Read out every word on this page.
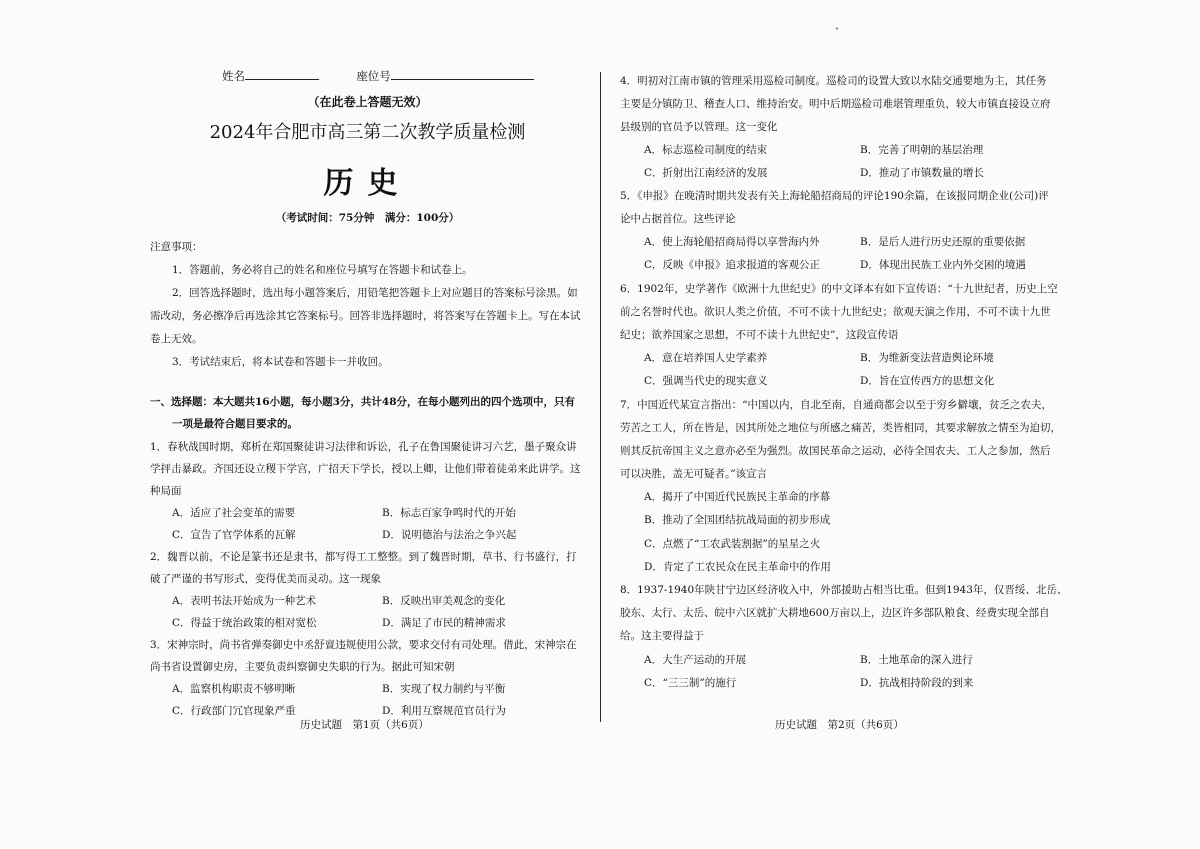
ᐩ
姓名	座位号
（在此卷上答题无效）
2024年合肥市高三第二次教学质量检测
历史
（考试时间：75分钟　满分：100分）
注意事项：
1．答题前，务必将自己的姓名和座位号填写在答题卡和试卷上。
2．回答选择题时，选出每小题答案后，用铅笔把答题卡上对应题目的答案标号涂黑。如
需改动，务必擦净后再选涂其它答案标号。回答非选择题时，将答案写在答题卡上。写在本试
卷上无效。
3．考试结束后，将本试卷和答题卡一并收回。
一、选择题：本大题共16小题，每小题3分，共计48分，在每小题列出的四个选项中，只有
一项是最符合题目要求的。
1．春秋战国时期，郑析在郑国聚徒讲习法律和诉讼，孔子在鲁国聚徒讲习六艺，墨子聚众讲
学抨击暴政。齐国还设立稷下学宫，广招天下学长，授以上卿，让他们带着徒弟来此讲学。这
种局面
A．适应了社会变革的需要	B．标志百家争鸣时代的开始
C．宣告了官学体系的瓦解	D．说明德治与法治之争兴起
2．魏晋以前，不论是篆书还是隶书，都写得工工整整。到了魏晋时期，草书、行书盛行，打
破了严谨的书写形式，变得优美而灵动。这一现象
A．表明书法开始成为一种艺术	B．反映出审美观念的变化
C．得益于统治政策的相对宽松	D．满足了市民的精神需求
3．宋神宗时，尚书省弹奏御史中丞舒亶违规使用公款，要求交付有司处理。借此，宋神宗在
尚书省设置御史房，主要负责纠察御史失职的行为。据此可知宋朝
A．监察机构职责不够明晰	B．实现了权力制约与平衡
C．行政部门冗官现象严重	D．利用互察规范官员行为
历史试题　第1页（共6页）
4．明初对江南市镇的管理采用巡检司制度。巡检司的设置大致以水陆交通要地为主，其任务
主要是分镇防卫、稽查人口、维持治安。明中后期巡检司难堪管理重负，较大市镇直接设立府
县级别的官员予以管理。这一变化
A．标志巡检司制度的结束	B．完善了明朝的基层治理
C．折射出江南经济的发展	D．推动了市镇数量的增长
5．《申报》在晚清时期共发表有关上海轮船招商局的评论190余篇，在该报同期企业(公司)评
论中占据首位。这些评论
A．使上海轮船招商局得以享誉海内外	B．是后人进行历史还原的重要依据
C．反映《申报》追求报道的客观公正	D．体现出民族工业内外交困的境遇
6．1902年，史学著作《欧洲十九世纪史》的中文译本有如下宣传语：“十九世纪者，历史上空
前之名誉时代也。欲识人类之价值，不可不读十九世纪史；欲观天演之作用，不可不读十九世
纪史；欲养国家之思想，不可不读十九世纪史”，这段宣传语
A．意在培养国人史学素养	B．为维新变法营造舆论环境
C．强调当代史的现实意义	D．旨在宣传西方的思想文化
7．中国近代某宣言指出：“中国以内，自北至南，自通商都会以至于穷乡僻壤，贫乏之农夫，
劳苦之工人，所在皆是，因其所处之地位与所感之痛苦，类皆相同，其要求解放之情至为迫切，
则其反抗帝国主义之意亦必至为强烈。故国民革命之运动，必待全国农夫、工人之参加，然后
可以决胜，盖无可疑者。”该宣言
A．揭开了中国近代民族民主革命的序幕
B．推动了全国团结抗战局面的初步形成
C．点燃了“工农武装割据”的星星之火
D．肯定了工农民众在民主革命中的作用
8．1937-1940年陕甘宁边区经济收入中，外部援助占相当比重。但到1943年，仅晋绥、北岳、
胶东、太行、太岳、皖中六区就扩大耕地600万亩以上，边区许多部队粮食、经费实现全部自
给。这主要得益于
A．大生产运动的开展	B．土地革命的深入进行
C．“三三制”的施行	D．抗战相持阶段的到来
历史试题　第2页（共6页）
